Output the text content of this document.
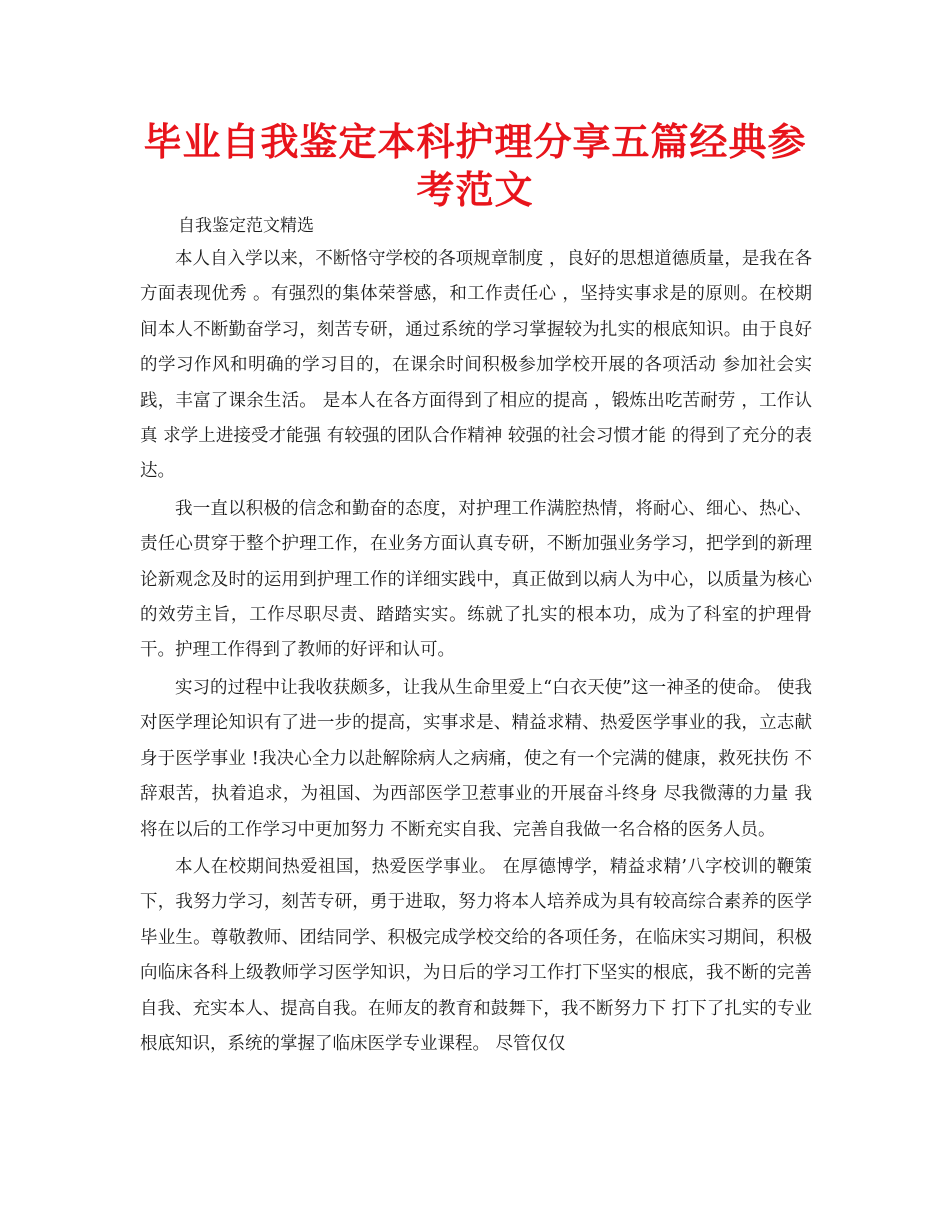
毕业自我鉴定本科护理分享五篇经典参考范文
自我鉴定范文精选

本人自入学以来，不断恪守学校的各项规章制度 ，良好的思想道德质量，是我在各方面表现优秀 。有强烈的集体荣誉感，和工作责任心 ，坚持实事求是的原则。在校期间本人不断勤奋学习，刻苦专研，通过系统的学习掌握较为扎实的根底知识。由于良好的学习作风和明确的学习目的，在课余时间积极参加学校开展的各项活动 参加社会实践，丰富了课余生活。 是本人在各方面得到了相应的提高 ，锻炼出吃苦耐劳 ，工作认真 求学上进接受才能强 有较强的团队合作精神 较强的社会习惯才能 的得到了充分的表达。

我一直以积极的信念和勤奋的态度，对护理工作满腔热情，将耐心、细心、热心、责任心贯穿于整个护理工作，在业务方面认真专研，不断加强业务学习，把学到的新理论新观念及时的运用到护理工作的详细实践中，真正做到以病人为中心，以质量为核心的效劳主旨，工作尽职尽责、踏踏实实。练就了扎实的根本功，成为了科室的护理骨干。护理工作得到了教师的好评和认可。

实习的过程中让我收获颇多，让我从生命里爱上“白衣天使”这一神圣的使命。 使我对医学理论知识有了进一步的提高，实事求是、精益求精、热爱医学事业的我，立志献身于医学事业 !我决心全力以赴解除病人之病痛，使之有一个完满的健康，救死扶伤 不辞艰苦，执着追求，为祖国、为西部医学卫惹事业的开展奋斗终身 尽我微薄的力量 我将在以后的工作学习中更加努力 不断充实自我、完善自我做一名合格的医务人员。

本人在校期间热爱祖国，热爱医学事业。 在厚德博学，精益求精’八字校训的鞭策下，我努力学习，刻苦专研，勇于进取，努力将本人培养成为具有较高综合素养的医学毕业生。尊敬教师、团结同学、积极完成学校交给的各项任务，在临床实习期间，积极向临床各科上级教师学习医学知识，为日后的学习工作打下坚实的根底，我不断的完善自我、充实本人、提高自我。在师友的教育和鼓舞下，我不断努力下 打下了扎实的专业根底知识，系统的掌握了临床医学专业课程。 尽管仅仅
